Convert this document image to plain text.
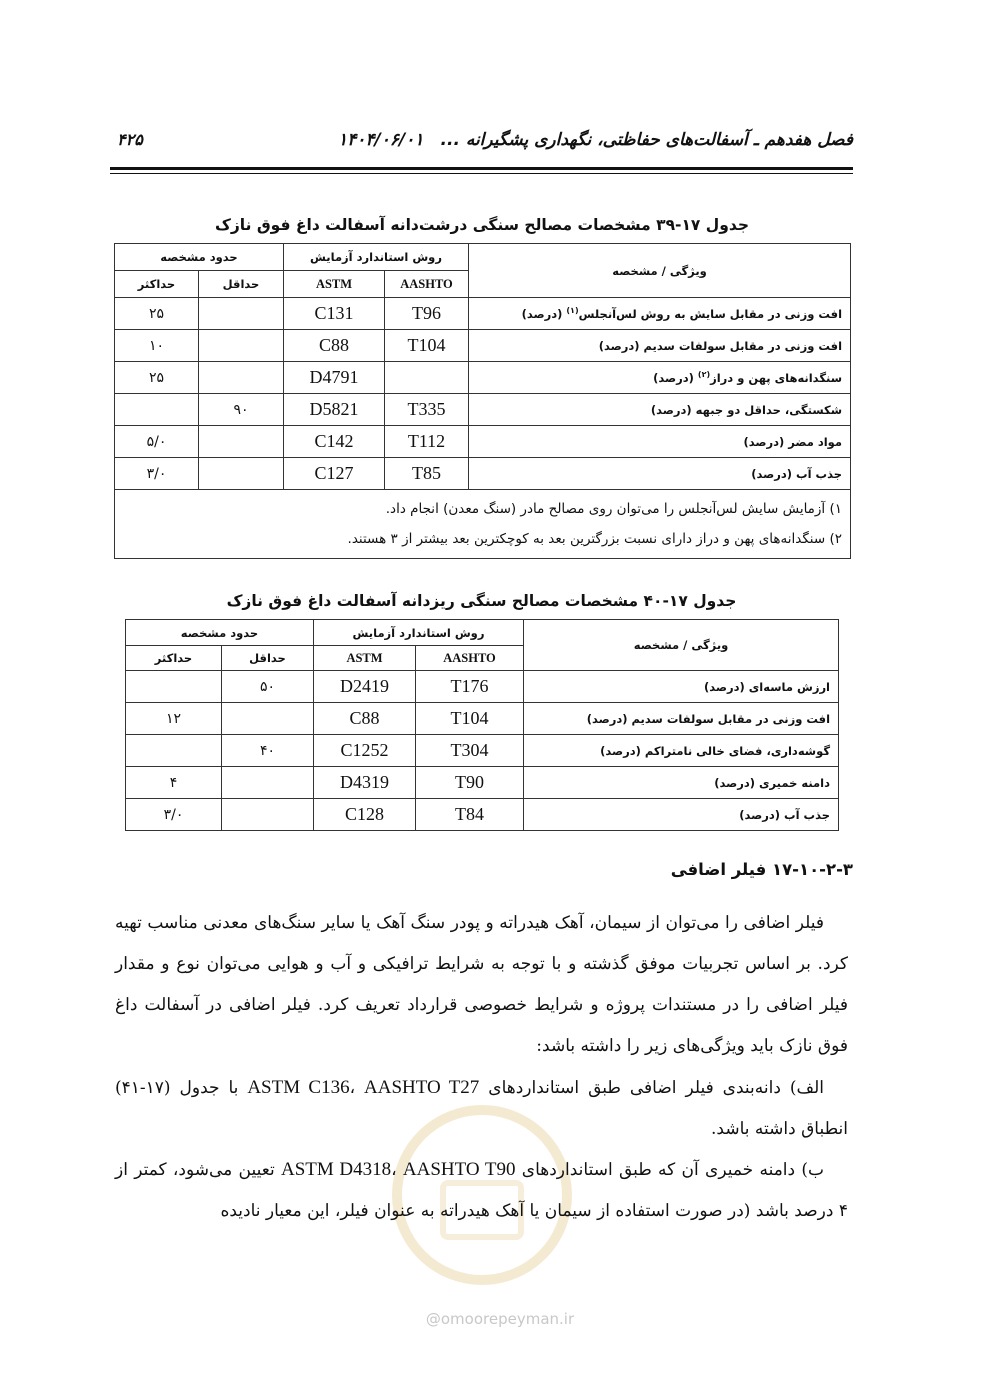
فصل هفدهم ـ آسفالت‌های حفاظتی، نگهداری پشگیرانه ...
۱۴۰۴/۰۶/۰۱
۴۲۵
جدول ۱۷-۳۹ مشخصات مصالح سنگی درشت‌دانه آسفالت داغ فوق نازک
حدود مشخصه		روش استاندارد آزمایش		ویژگی / مشخصه
حداکثر	حداقل	ASTM	AASHTO	
۲۵		C131	T96	افت وزنی در مقابل سایش به روش لس‌آنجلس$^{(۱)}$ (درصد)
۱۰		C88	T104	افت وزنی در مقابل سولفات سدیم (درصد)
۲۵		D4791		سنگدانه‌های پهن و دراز$^{(۲)}$ (درصد)
	۹۰	D5821	T335	شکستگی، حداقل دو جبهه (درصد)
۵/۰		C142	T112	مواد مضر (درصد)
۳/۰		C127	T85	جذب آب (درصد)

۱) آزمایش سایش لس‌آنجلس را می‌توان روی مصالح مادر (سنگ معدن) انجام داد.
۲) سنگدانه‌های پهن و دراز دارای نسبت بزرگترین بعد به کوچکترین بعد بیشتر از ۳ هستند.				
جدول ۱۷-۴۰ مشخصات مصالح سنگی ریزدانه آسفالت داغ فوق نازک
حدود مشخصه		روش استاندارد آزمایش		ویژگی / مشخصه
حداکثر	حداقل	ASTM	AASHTO	
	۵۰	D2419	T176	ارزش ماسه‌ای (درصد)
۱۲		C88	T104	افت وزنی در مقابل سولفات سدیم (درصد)
	۴۰	C1252	T304	گوشه‌داری، فضای خالی نامتراکم (درصد)
۴		D4319	T90	دامنه خمیری (درصد)
۳/۰		C128	T84	جذب آب (درصد)
@omoorepeyman.ir
۱۷-۱۰-۲-۳ فیلر اضافی
فیلر اضافی را می‌توان از سیمان، آهک هیدراته و پودر سنگ آهک یا سایر سنگ‌های معدنی مناسب تهیه کرد. بر اساس تجربیات موفق گذشته و با توجه به شرایط ترافیکی و آب و هوایی می‌توان نوع و مقدار فیلر اضافی را در مستندات پروژه و شرایط خصوصی قرارداد تعریف کرد. فیلر اضافی در آسفالت داغ فوق نازک باید ویژگی‌های زیر را داشته باشد:
الف) دانه‌بندی فیلر اضافی طبق استانداردهای ASTM C136، AASHTO T27 با جدول (۱۷-۴۱) انطباق داشته باشد.
ب) دامنه خمیری آن که طبق استانداردهای ASTM D4318، AASHTO T90 تعیین می‌شود، کمتر از ۴ درصد باشد (در صورت استفاده از سیمان یا آهک هیدراته به عنوان فیلر، این معیار نادیده
